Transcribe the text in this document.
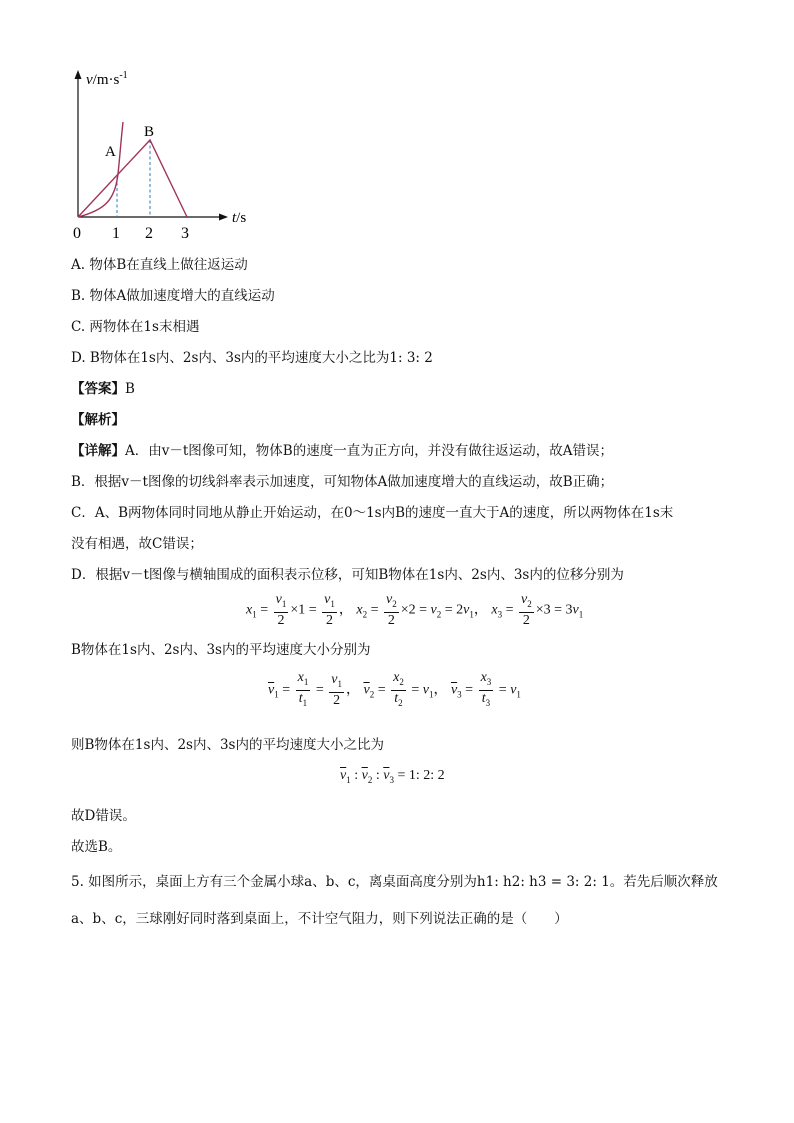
$v/m\cdot s^{-1}$
t/s
A
B
0 1 2 3
A. 物体B在直线上做往返运动
B. 物体A做加速度增大的直线运动
C. 两物体在1s末相遇
D. B物体在1s内、2s内、3s内的平均速度大小之比为1: 3: 2
【答案】B
【解析】
【详解】A．由v－t图像可知，物体B的速度一直为正方向，并没有做往返运动，故A错误；
B．根据v－t图像的切线斜率表示加速度，可知物体A做加速度增大的直线运动，故B正确；
C．A、B两物体同时同地从静止开始运动，在0～1s内B的速度一直大于A的速度，所以两物体在1s末
没有相遇，故C错误；
D．根据v－t图像与横轴围成的面积表示位移，可知B物体在1s内、2s内、3s内的位移分别为
$x_1 = \frac{v_1}{2} \times 1 = \frac{v_1}{2}$ ， $x_2 = \frac{v_2}{2} \times 2 = v_2 = 2v_1$， $x_3 = \frac{v_2}{2} \times 3 = 3v_1$
B物体在1s内、2s内、3s内的平均速度大小分别为
$\overline{v}_1 = \frac{x_1}{t_1} = \frac{v_1}{2}$ ， $\overline{v}_2 = \frac{x_2}{t_2} = v_1$， $\overline{v}_3 = \frac{x_3}{t_3} = v_1$
则B物体在1s内、2s内、3s内的平均速度大小之比为
$\overline{v}_1$ : $\overline{v}_2$ : $\overline{v}_3 = 1$: 2: 2
故D错误。
故选B。
5. 如图所示，桌面上方有三个金属小球a、b、c，离桌面高度分别为h1: h2: h3 = 3: 2: 1。若先后顺次释放
a、b、c，三球刚好同时落到桌面上，不计空气阻力，则下列说法正确的是（　　）
